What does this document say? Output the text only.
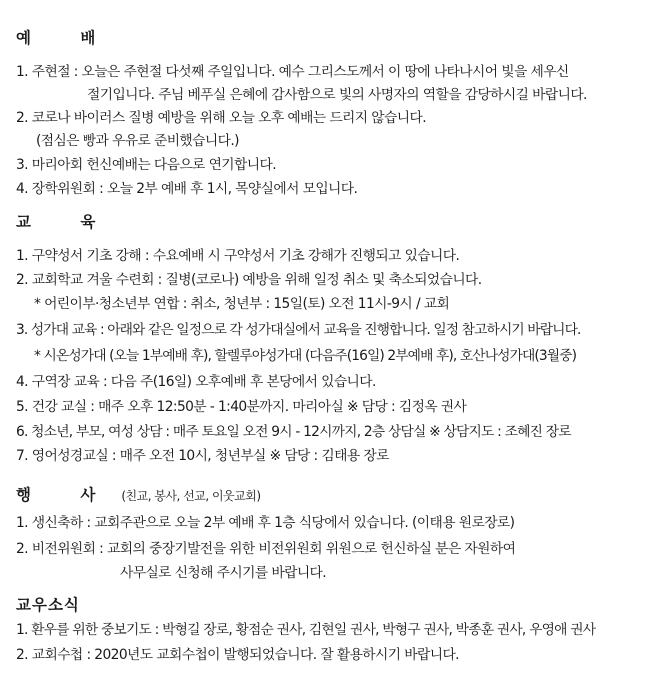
예 배
1. 주현절 : 오늘은 주현절 다섯째 주일입니다. 예수 그리스도께서 이 땅에 나타나시어 빛을 세우신
절기입니다. 주님 베푸실 은혜에 감사함으로 빛의 사명자의 역할을 감당하시길 바랍니다.
2. 코로나 바이러스 질병 예방을 위해 오늘 오후 예배는 드리지 않습니다.
(점심은 빵과 우유로 준비했습니다.)
3. 마리아회 헌신예배는 다음으로 연기합니다.
4. 장학위원회 : 오늘 2부 예배 후 1시, 목양실에서 모입니다.
교 육
1. 구약성서 기초 강해 : 수요예배 시 구약성서 기초 강해가 진행되고 있습니다.
2. 교회학교 겨울 수련회 : 질병(코로나) 예방을 위해 일정 취소 및 축소되었습니다.
* 어린이부·청소년부 연합 : 취소, 청년부 : 15일(토) 오전 11시-9시 / 교회
3. 성가대 교육 : 아래와 같은 일정으로 각 성가대실에서 교육을 진행합니다. 일정 참고하시기 바랍니다.
* 시온성가대 (오늘 1부예배 후), 할렐루야성가대 (다음주(16일) 2부예배 후), 호산나성가대(3월중)
4. 구역장 교육 : 다음 주(16일) 오후예배 후 본당에서 있습니다.
5. 건강 교실 : 매주 오후 12:50분 - 1:40분까지. 마리아실 ※ 담당 : 김정옥 권사
6. 청소년, 부모, 여성 상담 : 매주 토요일 오전 9시 - 12시까지, 2층 상담실 ※ 상담지도 : 조혜진 장로
7. 영어성경교실 : 매주 오전 10시, 청년부실 ※ 담당 : 김태용 장로
행 사 (친교, 봉사, 선교, 이웃교회)
1. 생신축하 : 교회주관으로 오늘 2부 예배 후 1층 식당에서 있습니다. (이태용 원로장로)
2. 비전위원회 : 교회의 중장기발전을 위한 비전위원회 위원으로 헌신하실 분은 자원하여
사무실로 신청해 주시기를 바랍니다.
교우소식
1. 환우를 위한 중보기도 : 박형길 장로, 황점순 권사, 김현일 권사, 박형구 권사, 박종훈 권사, 우영애 권사
2. 교회수첩 : 2020년도 교회수첩이 발행되었습니다. 잘 활용하시기 바랍니다.
